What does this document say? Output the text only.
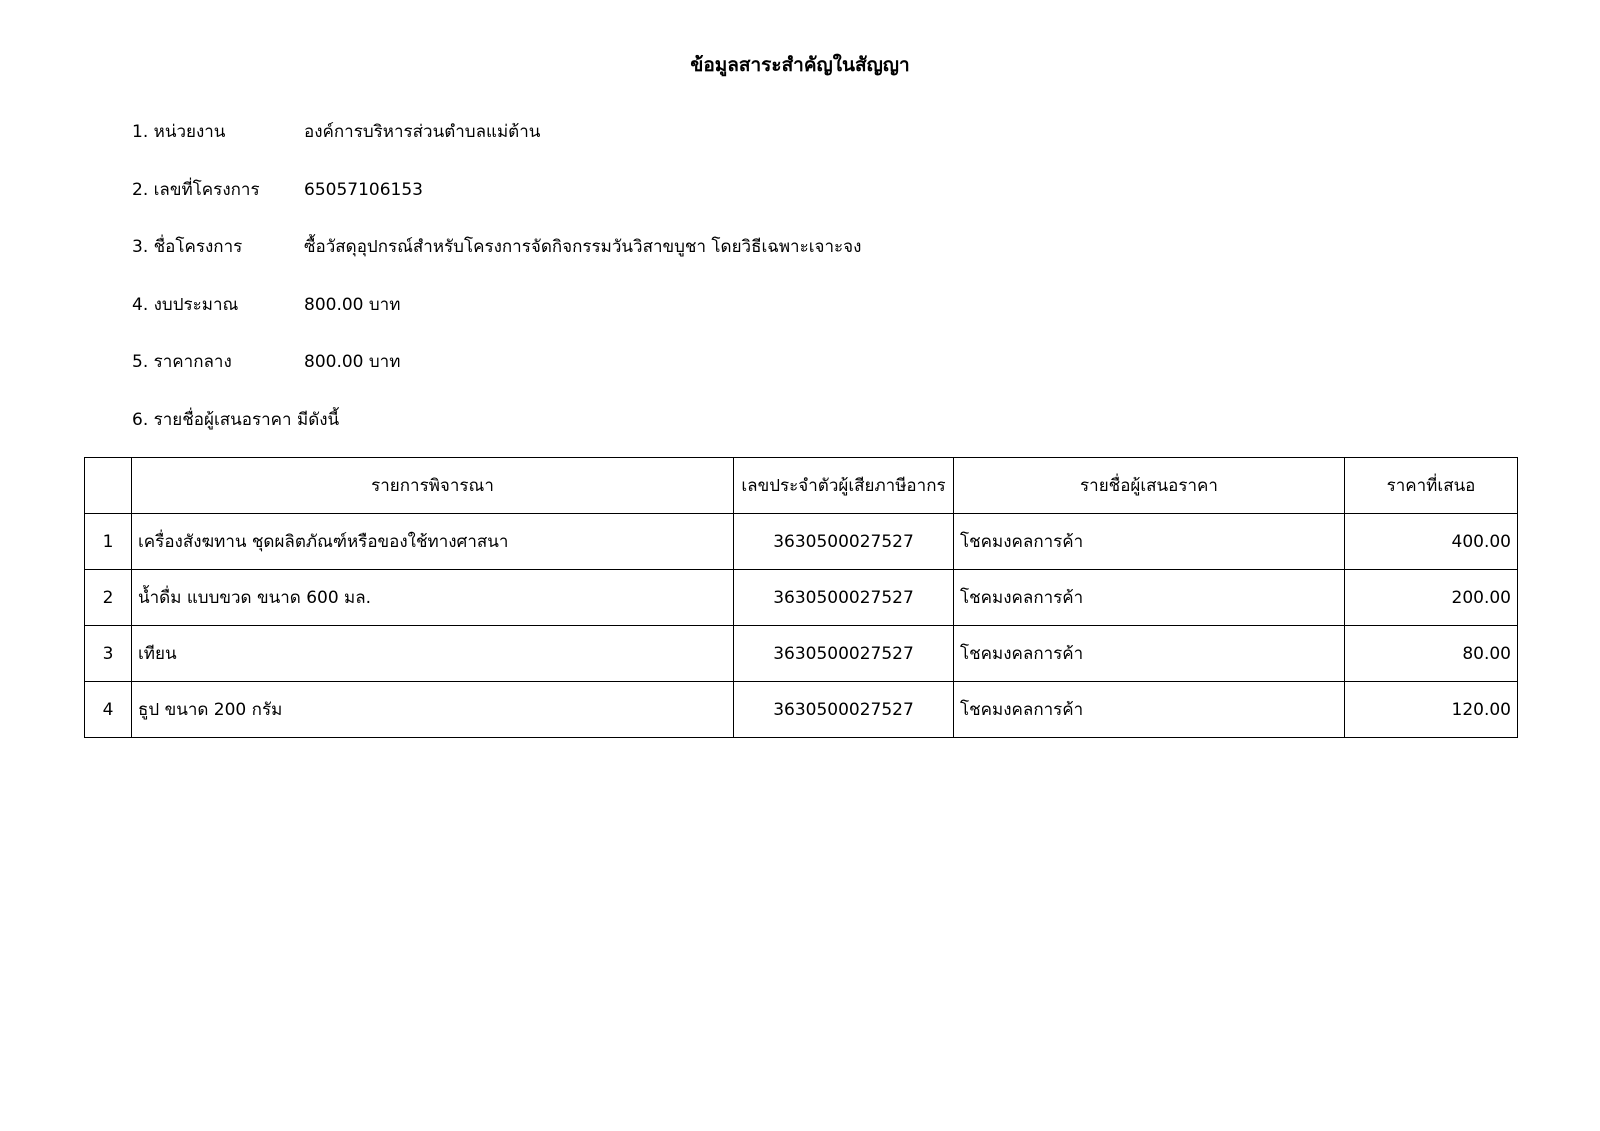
ข้อมูลสาระสำคัญในสัญญา
1. หน่วยงาน	องค์การบริหารส่วนตำบลแม่ต้าน
2. เลขที่โครงการ	65057106153
3. ชื่อโครงการ	ซื้อวัสดุอุปกรณ์สำหรับโครงการจัดกิจกรรมวันวิสาขบูชา โดยวิธีเฉพาะเจาะจง
4. งบประมาณ	800.00 บาท
5. ราคากลาง	800.00 บาท
6. รายชื่อผู้เสนอราคา มีดังนี้
	รายการพิจารณา	เลขประจำตัวผู้เสียภาษีอากร	รายชื่อผู้เสนอราคา	ราคาที่เสนอ
1	เครื่องสังฆทาน ชุดผลิตภัณฑ์หรือของใช้ทางศาสนา	3630500027527	โชคมงคลการค้า	400.00
2	น้ำดื่ม แบบขวด ขนาด 600 มล.	3630500027527	โชคมงคลการค้า	200.00
3	เทียน	3630500027527	โชคมงคลการค้า	80.00
4	ธูป ขนาด 200 กรัม	3630500027527	โชคมงคลการค้า	120.00
